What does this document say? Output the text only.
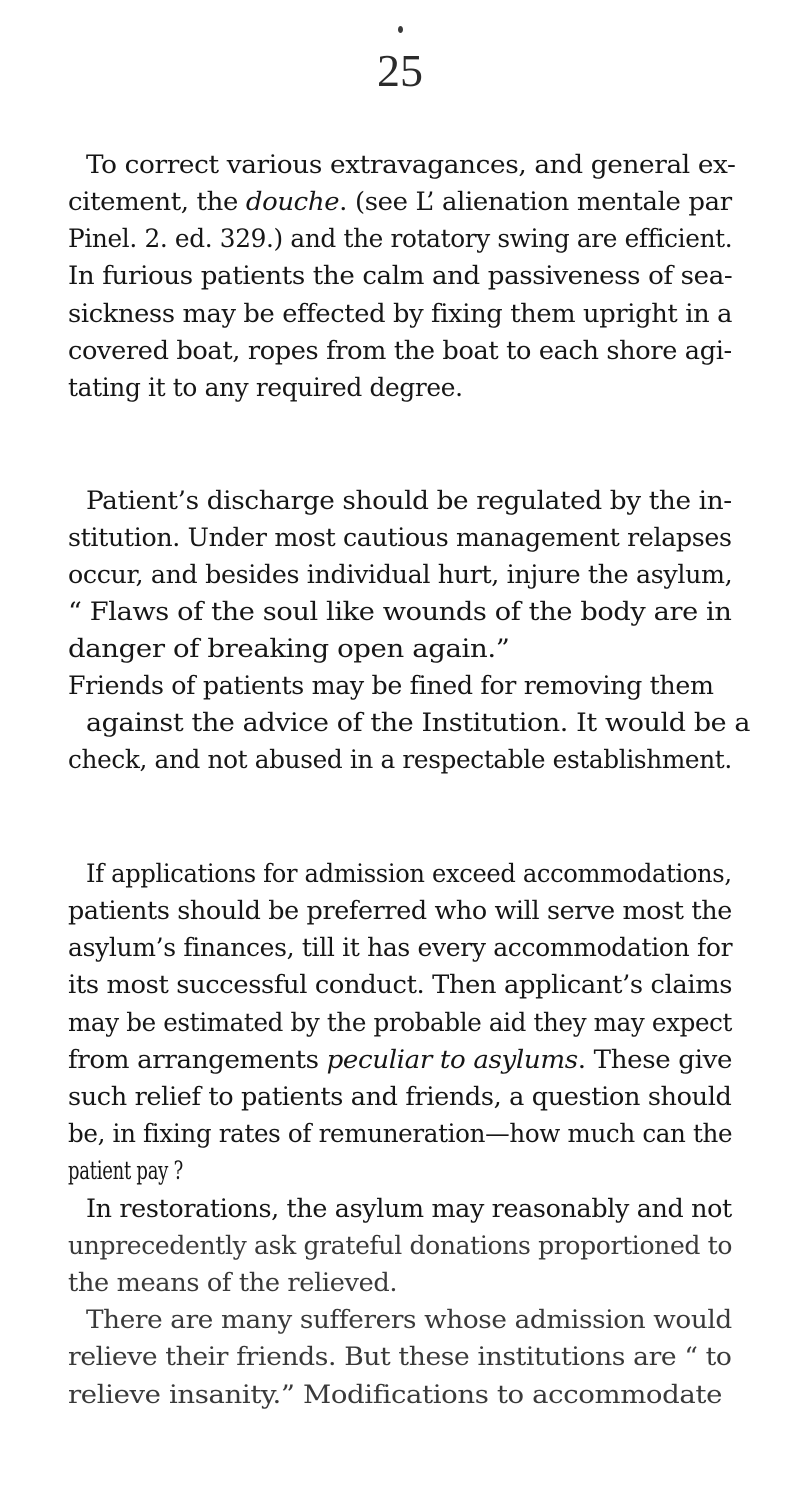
25
To correct various extravagances, and general ex-
citement, the douche. (see L’ alienation mentale par
Pinel. 2. ed. 329.) and the rotatory swing are efficient.
In furious patients the calm and passiveness of sea-
sickness may be effected by fixing them upright in a
covered boat, ropes from the boat to each shore agi-
tating it to any required degree.
Patient’s discharge should be regulated by the in-
stitution. Under most cautious management relapses
occur, and besides individual hurt, injure the asylum,
“ Flaws of the soul like wounds of the body are in
danger of breaking open again.”
Friends of patients may be fined for removing them
against the advice of the Institution. It would be a
check, and not abused in a respectable establishment.
If applications for admission exceed accommodations,
patients should be preferred who will serve most the
asylum’s finances, till it has every accommodation for
its most successful conduct. Then applicant’s claims
may be estimated by the probable aid they may expect
from arrangements peculiar to asylums. These give
such relief to patients and friends, a question should
be, in fixing rates of remuneration—how much can the
patient pay ?
In restorations, the asylum may reasonably and not
unprecedently ask grateful donations proportioned to
the means of the relieved.
There are many sufferers whose admission would
relieve their friends. But these institutions are “ to
relieve insanity.” Modifications to accommodate
